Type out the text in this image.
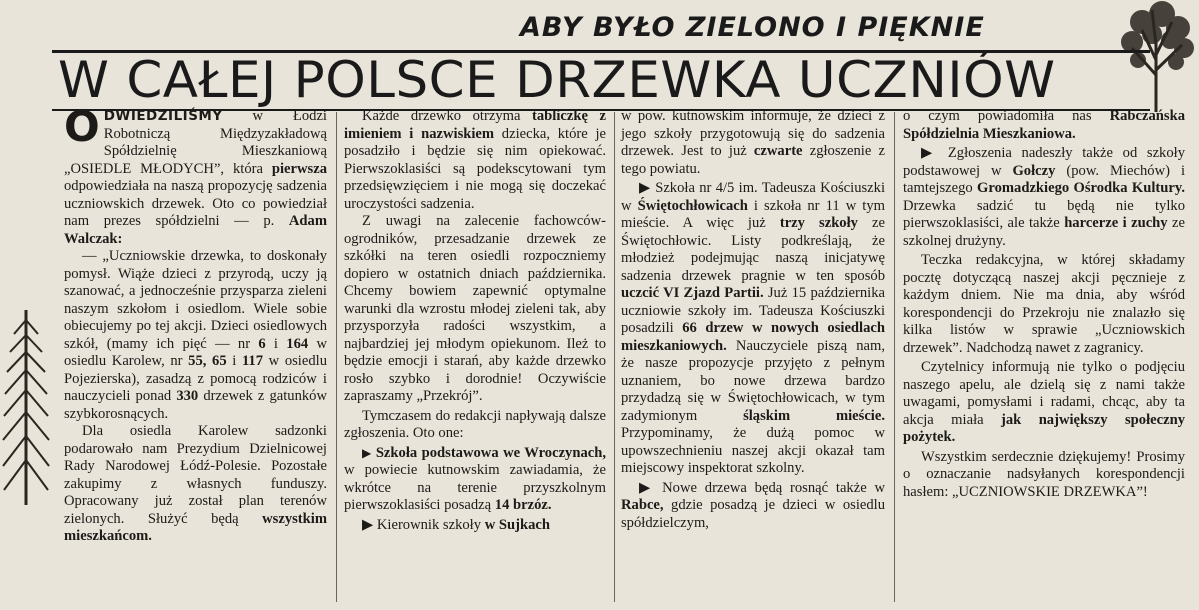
ABY BYŁO ZIELONO I PIĘKNIE
W CAŁEJ POLSCE DRZEWKA UCZNIÓW

ODWIEDZILIŚMY w Łodzi Robotniczą Międzyzakładową Spółdzielnię Mieszkaniową „OSIEDLE MŁODYCH”, która pierwsza odpowiedziała na naszą propozycję sadzenia uczniowskich drzewek. Oto co powiedział nam prezes spółdzielni — p. Adam Walczak:

— „Uczniowskie drzewka, to doskonały pomysł. Wiąże dzieci z przyrodą, uczy ją szanować, a jednocześnie przysparza zieleni naszym szkołom i osiedlom. Wiele sobie obiecujemy po tej akcji. Dzieci osiedlowych szkół, (mamy ich pięć — nr 6 i 164 w osiedlu Karolew, nr 55, 65 i 117 w osiedlu Pojezierska), zasadzą z pomocą rodziców i nauczycieli ponad 330 drzewek z gatunków szybkorosnących.

Dla osiedla Karolew sadzonki podarowało nam Prezydium Dzielnicowej Rady Narodowej Łódź-Polesie. Pozostałe zakupimy z własnych funduszy. Opracowany już został plan terenów zielonych. Służyć będą wszystkim mieszkańcom.

Każde drzewko otrzyma tabliczkę z imieniem i nazwiskiem dziecka, które je posadziło i będzie się nim opiekować. Pierwszoklasiści są podekscytowani tym przedsięwzięciem i nie mogą się doczekać uroczystości sadzenia.

Z uwagi na zalecenie fachowców-ogrodników, przesadzanie drzewek ze szkółki na teren osiedli rozpoczniemy dopiero w ostatnich dniach października. Chcemy bowiem zapewnić optymalne warunki dla wzrostu młodej zieleni tak, aby przysporzyła radości wszystkim, a najbardziej jej młodym opiekunom. Ileż to będzie emocji i starań, aby każde drzewko rosło szybko i dorodnie! Oczywiście zapraszamy „Przekrój”.

Tymczasem do redakcji napływają dalsze zgłoszenia. Oto one:

▶ Szkoła podstawowa we Wroczynach, w powiecie kutnowskim zawiadamia, że wkrótce na terenie przyszkolnym pierwszoklasiści posadzą 14 brzóz.

▶ Kierownik szkoły w Sujkach

w pow. kutnowskim informuje, że dzieci z jego szkoły przygotowują się do sadzenia drzewek. Jest to już czwarte zgłoszenie z tego powiatu.

▶ Szkoła nr 4/5 im. Tadeusza Kościuszki w Świętochłowicach i szkoła nr 11 w tym mieście. A więc już trzy szkoły ze Świętochłowic. Listy podkreślają, że młodzież podejmując naszą inicjatywę sadzenia drzewek pragnie w ten sposób uczcić VI Zjazd Partii. Już 15 października uczniowie szkoły im. Tadeusza Kościuszki posadzili 66 drzew w nowych osiedlach mieszkaniowych. Nauczyciele piszą nam, że nasze propozycje przyjęto z pełnym uznaniem, bo nowe drzewa bardzo przydadzą się w Świętochłowicach, w tym zadymionym śląskim mieście. Przypominamy, że dużą pomoc w upowszechnieniu naszej akcji okazał tam miejscowy inspektorat szkolny.

▶ Nowe drzewa będą rosnąć także w Rabce, gdzie posadzą je dzieci w osiedlu spółdzielczym,

o czym powiadomiła nas Rabczańska Spółdzielnia Mieszkaniowa.

▶ Zgłoszenia nadeszły także od szkoły podstawowej w Gołczy (pow. Miechów) i tamtejszego Gromadzkiego Ośrodka Kultury. Drzewka sadzić tu będą nie tylko pierwszoklasiści, ale także harcerze i zuchy ze szkolnej drużyny.

Teczka redakcyjna, w której składamy pocztę dotyczącą naszej akcji pęcznieje z każdym dniem. Nie ma dnia, aby wśród korespondencji do Przekroju nie znalazło się kilka listów w sprawie „Uczniowskich drzewek”. Nadchodzą nawet z zagranicy.

Czytelnicy informują nie tylko o podjęciu naszego apelu, ale dzielą się z nami także uwagami, pomysłami i radami, chcąc, aby ta akcja miała jak największy społeczny pożytek.

Wszystkim serdecznie dziękujemy! Prosimy o oznaczanie nadsyłanych korespondencji hasłem: „UCZNIOWSKIE DRZEWKA”!
